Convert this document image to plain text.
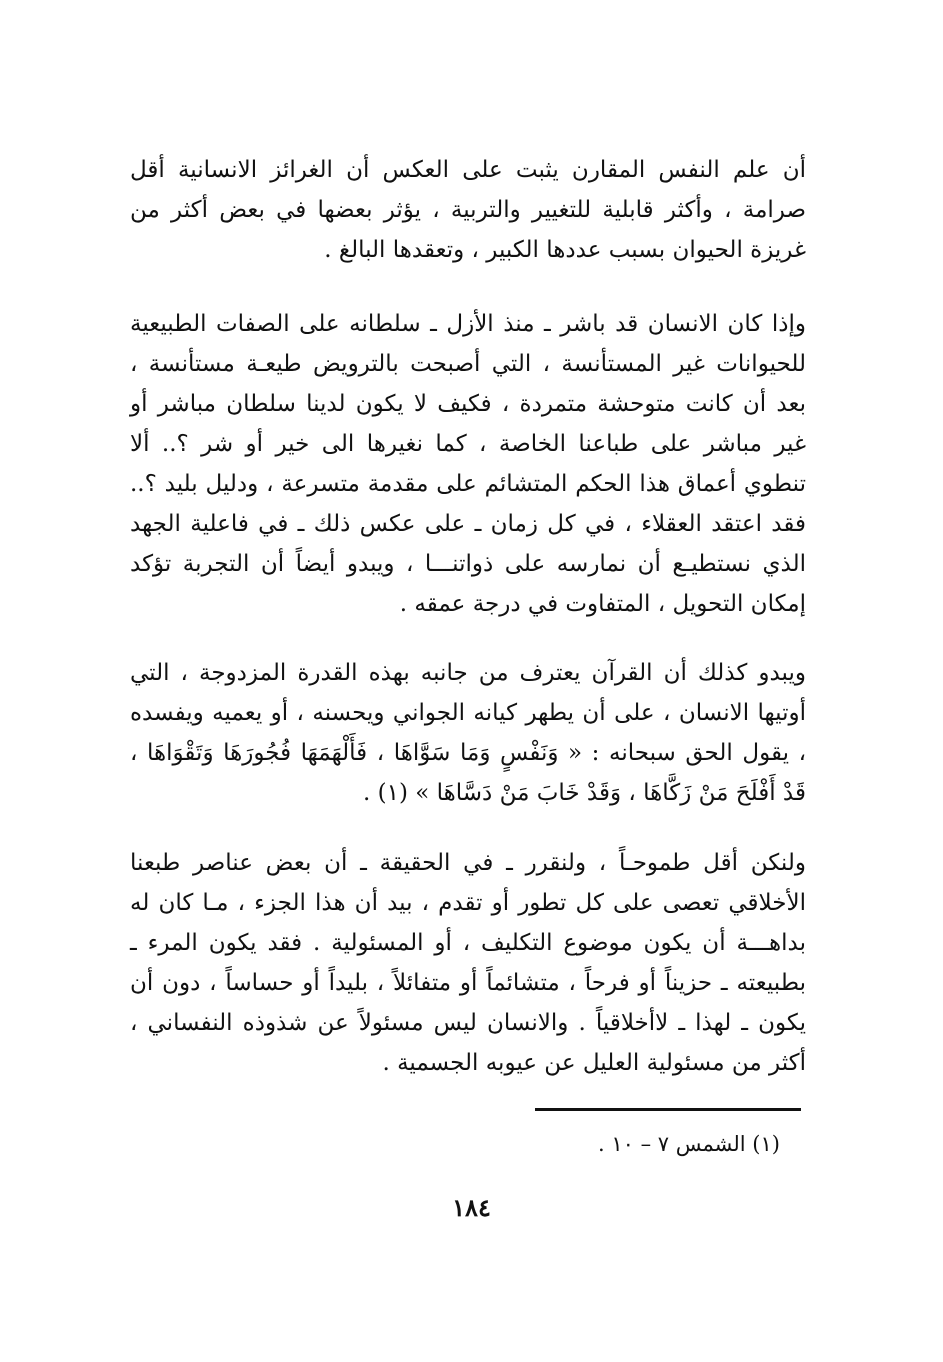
أن علم النفس المقارن يثبت على العكس أن الغرائز الانسانية أقل صرامة ، وأكثر قابلية للتغيير والتربية ، يؤثر بعضها في بعض أكثر من غريزة الحيوان بسبب عددها الكبير ، وتعقدها البالغ .

وإذا كان الانسان قد باشر ـ منذ الأزل ـ سلطانه على الصفات الطبيعية للحيوانات غير المستأنسة ، التي أصبحت بالترويض طيعـة مستأنسة ، بعد أن كانت متوحشة متمردة ، فكيف لا يكون لدينا سلطان مباشر أو غير مباشر على طباعنا الخاصة ، كما نغيرها الى خير أو شر ؟.. ألا تنطوي أعماق هذا الحكم المتشائم على مقدمة متسرعة ، ودليل بليد ؟.. فقد اعتقد العقلاء ، في كل زمان ـ على عكس ذلك ـ في فاعلية الجهد الذي نستطيـع أن نمارسه على ذواتنـــا ، ويبدو أيضاً أن التجربة تؤكد إمكان التحويل ، المتفاوت في درجة عمقه .

ويبدو كذلك أن القرآن يعترف من جانبه بهذه القدرة المزدوجة ، التي أوتيها الانسان ، على أن يطهر كيانه الجواني ويحسنه ، أو يعميه ويفسده ، يقول الحق سبحانه : « وَنَفْسٍ وَمَا سَوَّاهَا ، فَأَلْهَمَهَا فُجُورَهَا وَتَقْوَاهَا ، قَدْ أَفْلَحَ مَنْ زَكَّاهَا ، وَقَدْ خَابَ مَنْ دَسَّاهَا » (١) .

ولنكن أقل طموحـاً ، ولنقرر ـ في الحقيقة ـ أن بعض عناصر طبعنا الأخلاقي تعصى على كل تطور أو تقدم ، بيد أن هذا الجزء ، مـا كان له بداهـــة أن يكون موضوع التكليف ، أو المسئولية . فقد يكون المرء ـ بطبيعته ـ حزيناً أو فرحاً ، متشائماً أو متفائلاً ، بليداً أو حساساً ، دون أن يكون ـ لهذا ـ لاأخلاقياً . والانسان ليس مسئولاً عن شذوذه النفساني ، أكثر من مسئولية العليل عن عيوبه الجسمية .

(١) الشمس ٧ – ١٠ .

١٨٤
